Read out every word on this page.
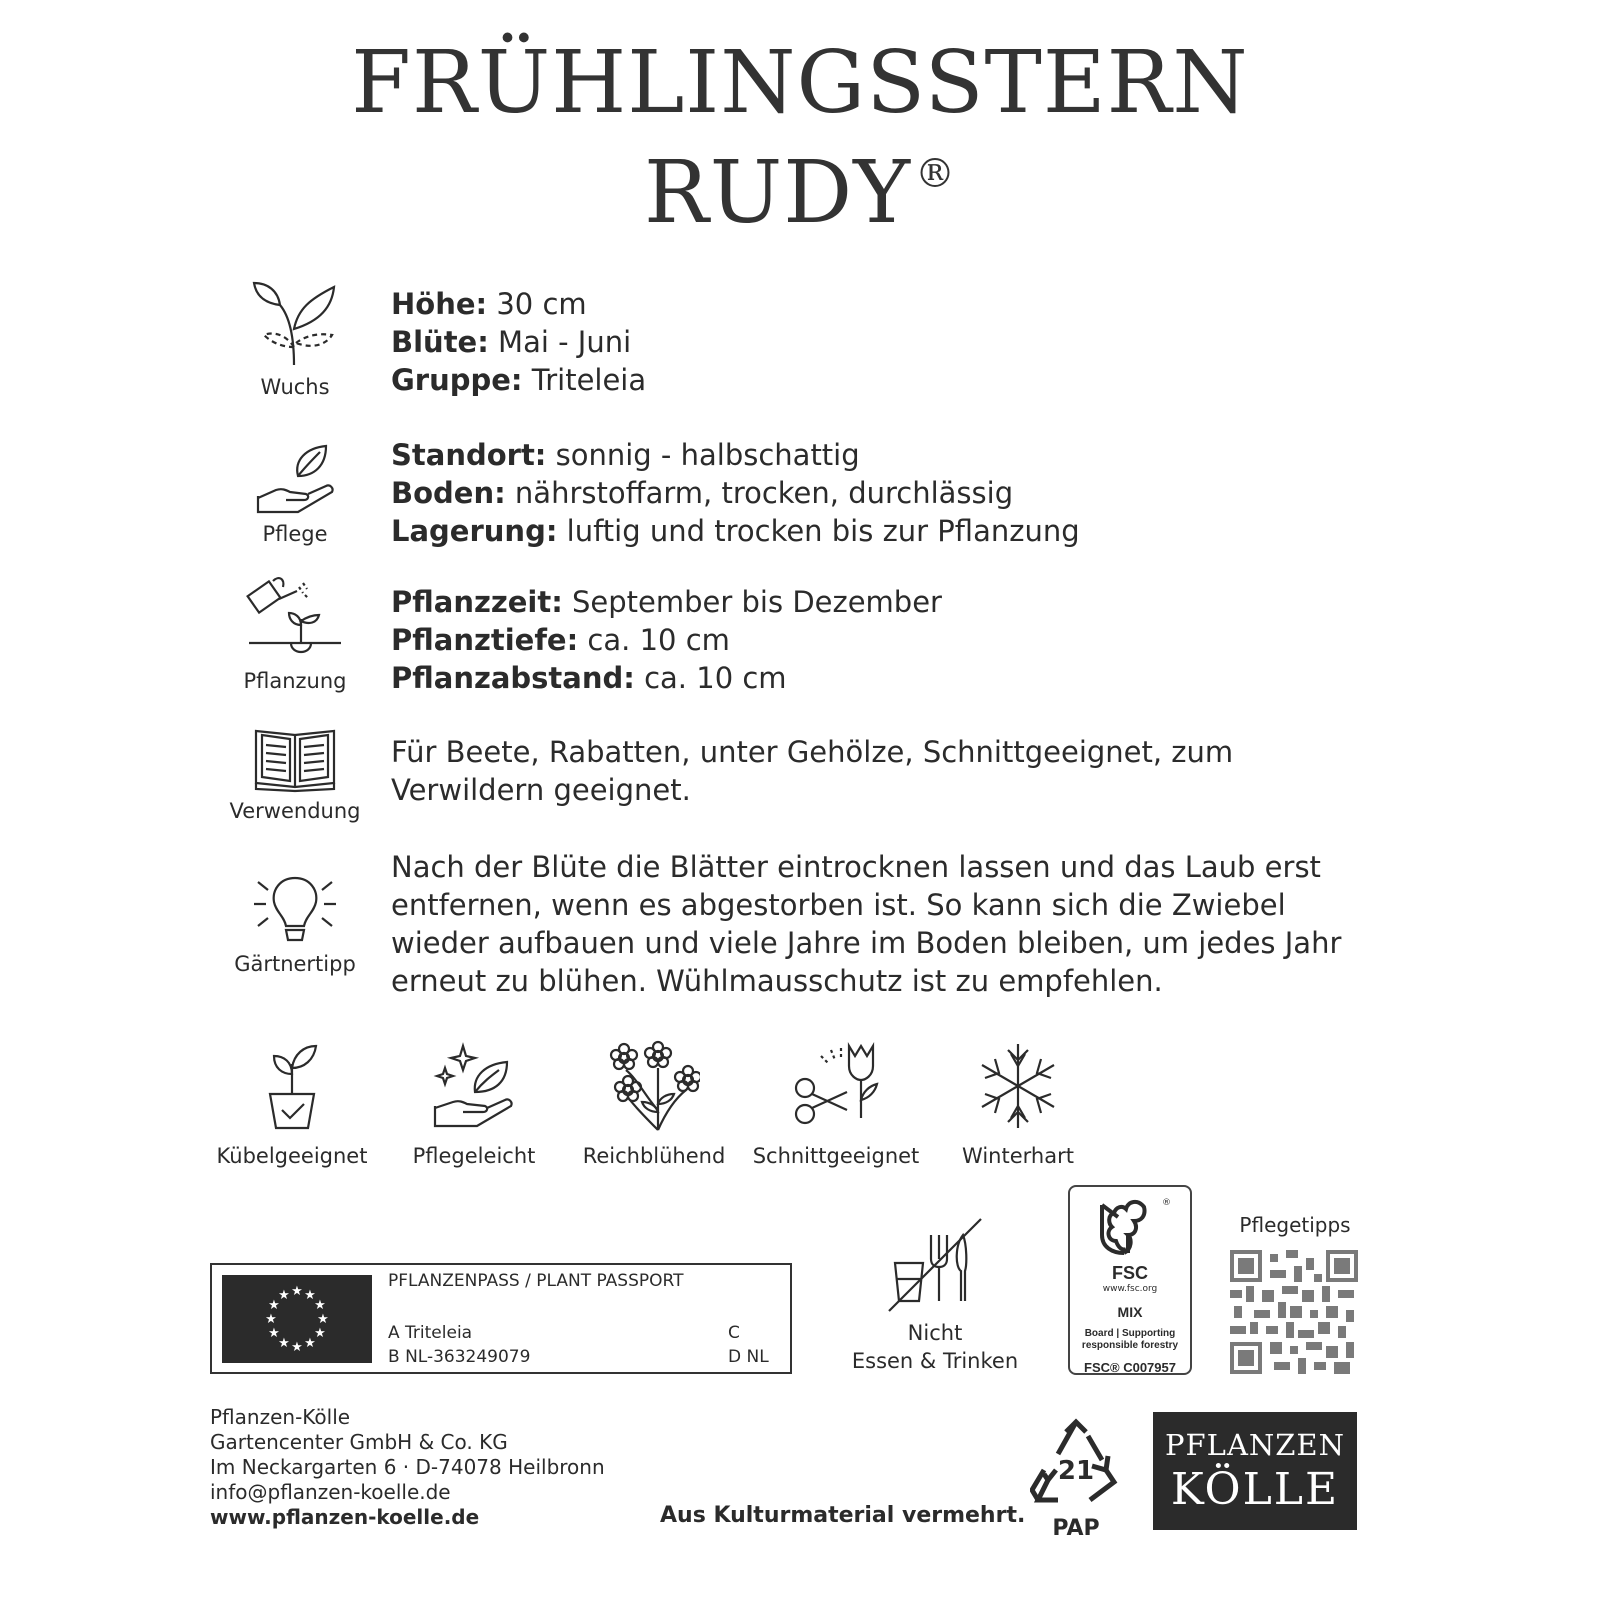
FRÜHLINGSSTERN
RUDY ®
Wuchs
Höhe: 30 cm
Blüte: Mai - Juni
Gruppe: Triteleia
Pflege
Standort: sonnig - halbschattig
Boden: nährstoffarm, trocken, durchlässig
Lagerung: luftig und trocken bis zur Pflanzung
Pflanzung
Pflanzzeit: September bis Dezember
Pflanztiefe: ca. 10 cm
Pflanzabstand: ca. 10 cm
Verwendung
Für Beete, Rabatten, unter Gehölze, Schnittgeeignet, zum
Verwildern geeignet.
Gärtnertipp
Nach der Blüte die Blätter eintrocknen lassen und das Laub erst
entfernen, wenn es abgestorben ist. So kann sich die Zwiebel
wieder aufbauen und viele Jahre im Boden bleiben, um jedes Jahr
erneut zu blühen. Wühlmausschutz ist zu empfehlen.
Kübelgeeignet	Pflegeleicht	Reichblühend	Schnittgeeignet	Winterhart
★ ★
★
★
★
★
★
★
★
★
★
★
PFLANZENPASS / PLANT PASSPORT
A Triteleia
B NL-363249079
C
D NL
Nicht
Essen & Trinken
®
FSC
www.fsc.org
MIX
Board | Supporting
responsible forestry
FSC® C007957
Pflegetipps
Pflanzen-Kölle
Gartencenter GmbH & Co. KG
Im Neckargarten 6 · D-74078 Heilbronn
info@pflanzen-koelle.de
www.pflanzen-koelle.de	Aus Kulturmaterial vermehrt.
21
PAP
PFLANZEN
KÖLLE
